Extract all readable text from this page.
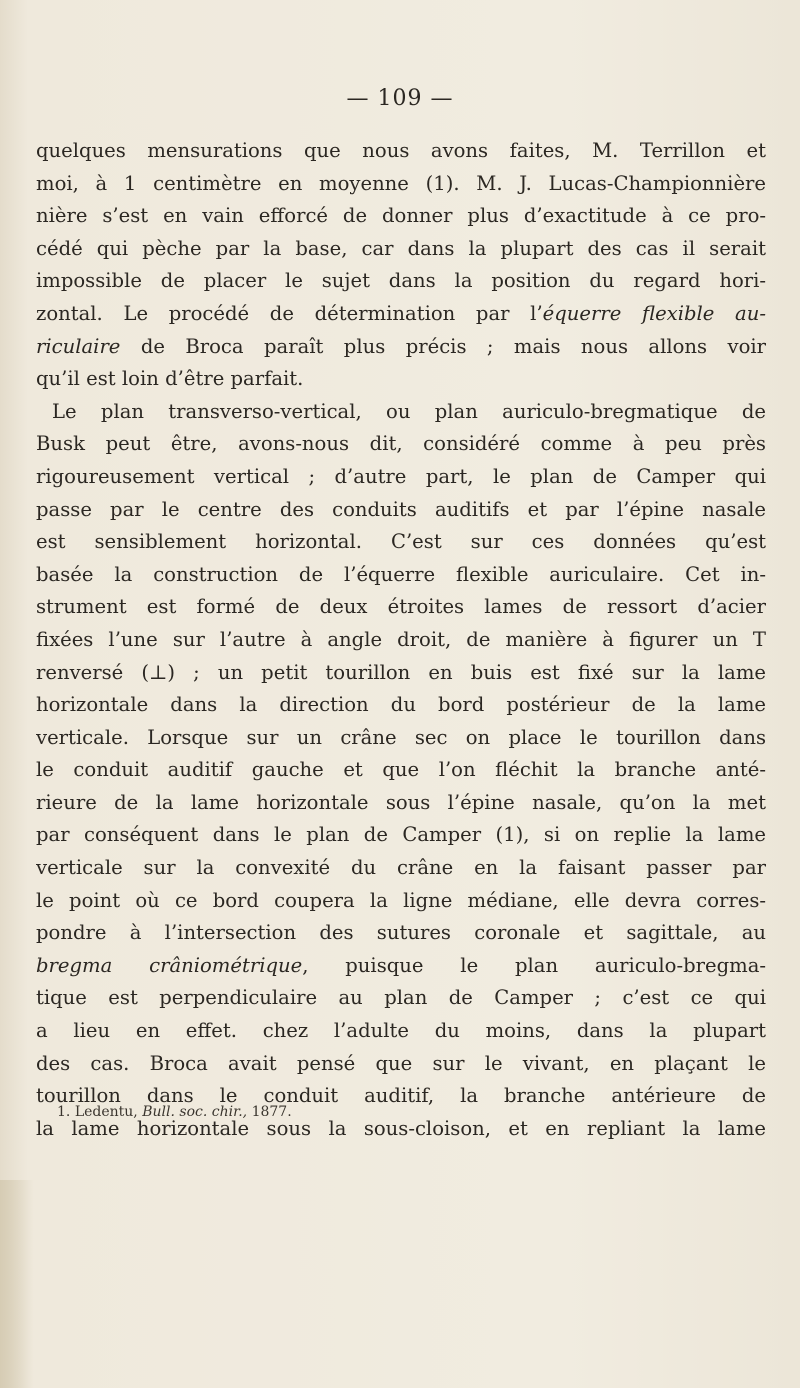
— 109 —
quelques mensurations que nous avons faites, M. Terrillon et
moi, à 1 centimètre en moyenne (1). M. J. Lucas-Championnière
nière s’est en vain efforcé de donner plus d’exactitude à ce pro-
cédé qui pèche par la base, car dans la plupart des cas il serait
impossible de placer le sujet dans la position du regard hori-
zontal. Le procédé de détermination par l’équerre flexible au-
riculaire de Broca paraît plus précis ; mais nous allons voir
qu’il est loin d’être parfait.
Le plan transverso-vertical, ou plan auriculo-bregmatique de
Busk peut être, avons-nous dit, considéré comme à peu près
rigoureusement vertical ; d’autre part, le plan de Camper qui
passe par le centre des conduits auditifs et par l’épine nasale
est sensiblement horizontal. C’est sur ces données qu’est
basée la construction de l’équerre flexible auriculaire. Cet in-
strument est formé de deux étroites lames de ressort d’acier
fixées l’une sur l’autre à angle droit, de manière à figurer un T
renversé (⊥) ; un petit tourillon en buis est fixé sur la lame
horizontale dans la direction du bord postérieur de la lame
verticale. Lorsque sur un crâne sec on place le tourillon dans
le conduit auditif gauche et que l’on fléchit la branche anté-
rieure de la lame horizontale sous l’épine nasale, qu’on la met
par conséquent dans le plan de Camper (1), si on replie la lame
verticale sur la convexité du crâne en la faisant passer par
le point où ce bord coupera la ligne médiane, elle devra corres-
pondre à l’intersection des sutures coronale et sagittale, au
bregma crâniométrique, puisque le plan auriculo-bregma-
tique est perpendiculaire au plan de Camper ; c’est ce qui
a lieu en effet. chez l’adulte du moins, dans la plupart
des cas. Broca avait pensé que sur le vivant, en plaçant le
tourillon dans le conduit auditif, la branche antérieure de
la lame horizontale sous la sous-cloison, et en repliant la lame
1. Ledentu, Bull. soc. chir., 1877.
